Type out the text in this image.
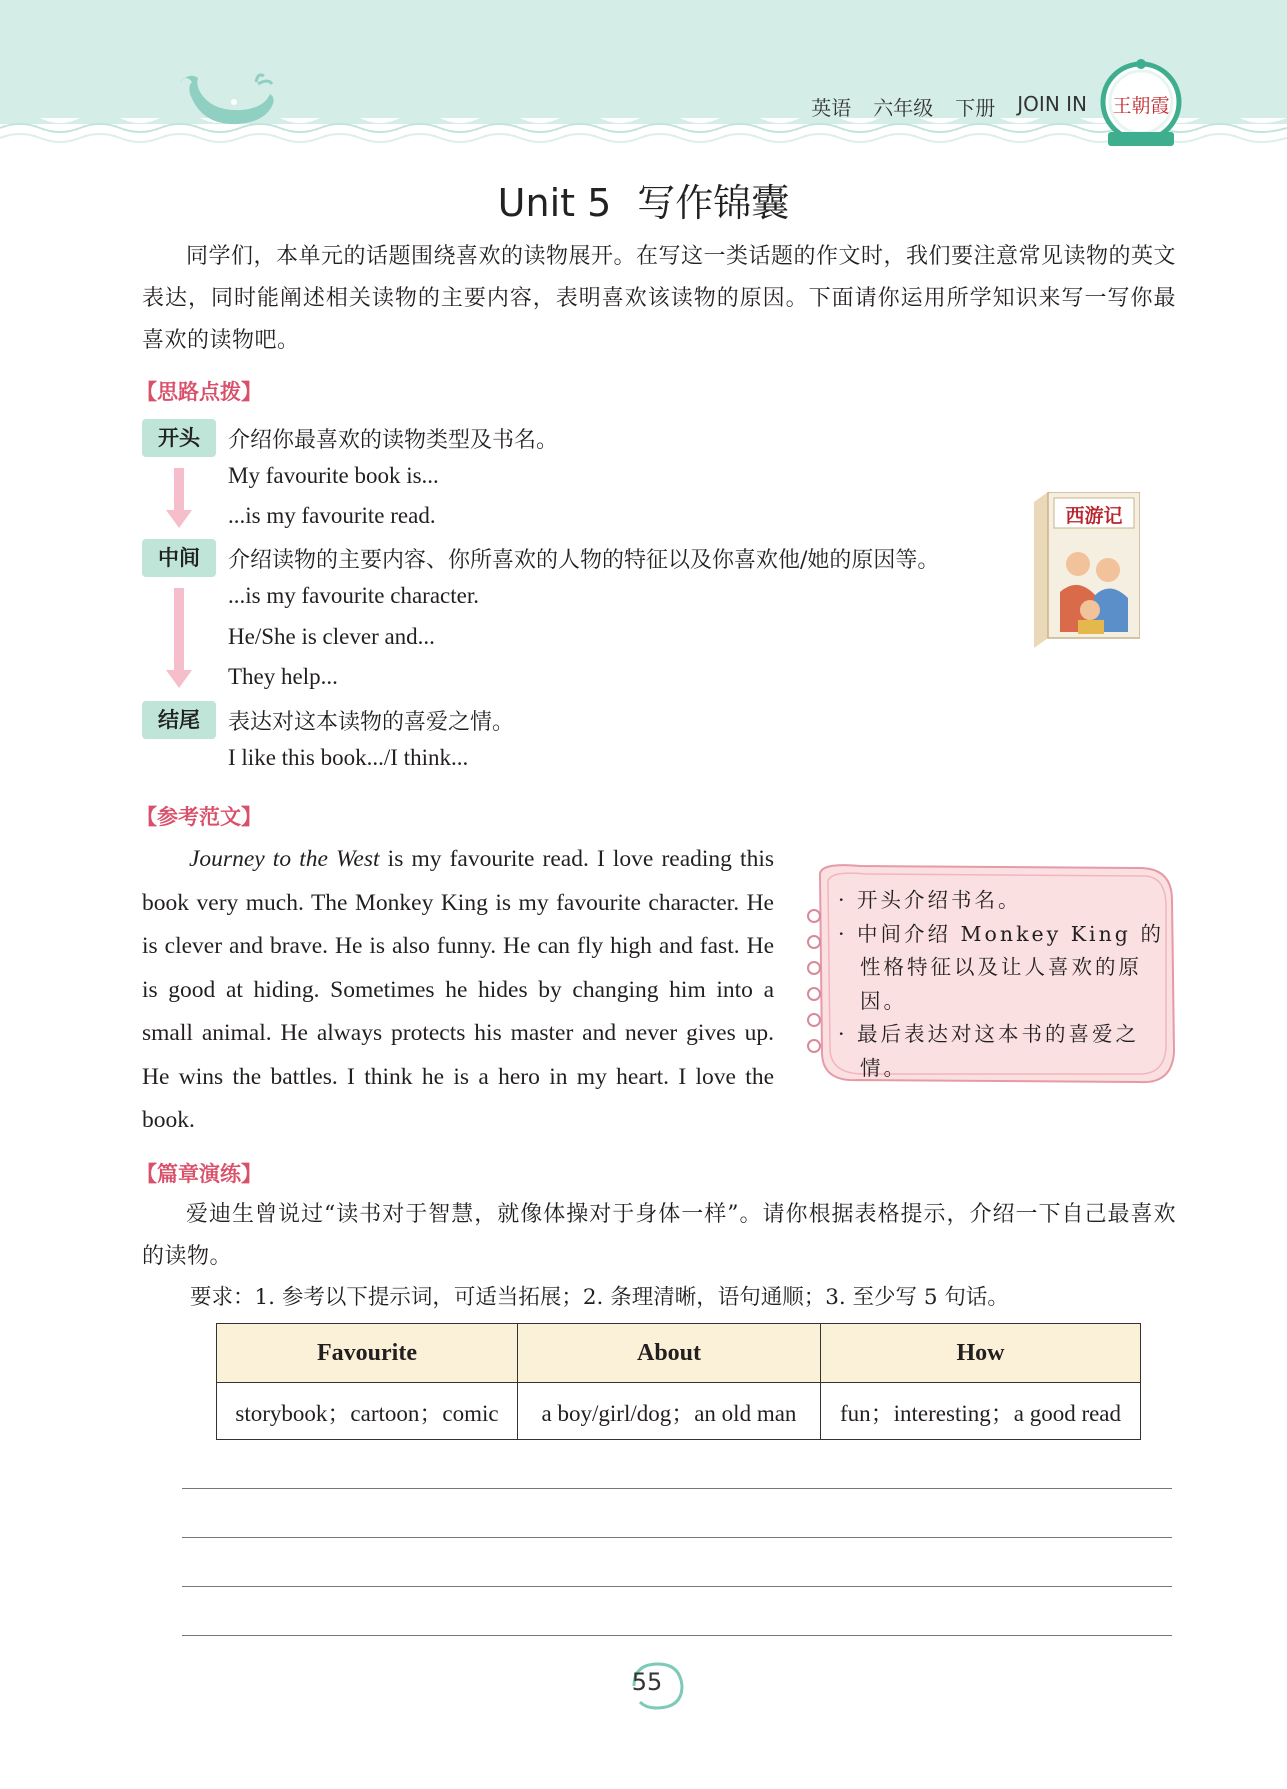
英语 六年级 下册 JOIN IN 王朝霞
Unit 5 写作锦囊
同学们，本单元的话题围绕喜欢的读物展开。在写这一类话题的作文时，我们要注意常见读物的英文表达，同时能阐述相关读物的主要内容，表明喜欢该读物的原因。下面请你运用所学知识来写一写你最喜欢的读物吧。
【思路点拨】
开头	介绍你最喜欢的读物类型及书名。
My favourite book is...
...is my favourite read.
中间	介绍读物的主要内容、你所喜欢的人物的特征以及你喜欢他/她的原因等。
...is my favourite character.
He/She is clever and...
They help...
结尾	表达对这本读物的喜爱之情。
I like this book.../I think...
西游记
【参考范文】
Journey to the West is my favourite read. I love reading this book very much. The Monkey King is my favourite character. He is clever and brave. He is also funny. He can fly high and fast. He is good at hiding. Sometimes he hides by changing him into a small animal. He always protects his master and never gives up. He wins the battles. I think he is a hero in my heart. I love the book.
· 开头介绍书名。
· 中间介绍 Monkey King 的性格特征以及让人喜欢的原因。
· 最后表达对这本书的喜爱之情。
【篇章演练】
爱迪生曾说过“读书对于智慧，就像体操对于身体一样”。请你根据表格提示，介绍一下自己最喜欢的读物。
要求：1. 参考以下提示词，可适当拓展；2. 条理清晰，语句通顺；3. 至少写 5 句话。
Favourite	About	How
storybook；cartoon；comic	a boy/girl/dog；an old man	fun；interesting；a good read
55
